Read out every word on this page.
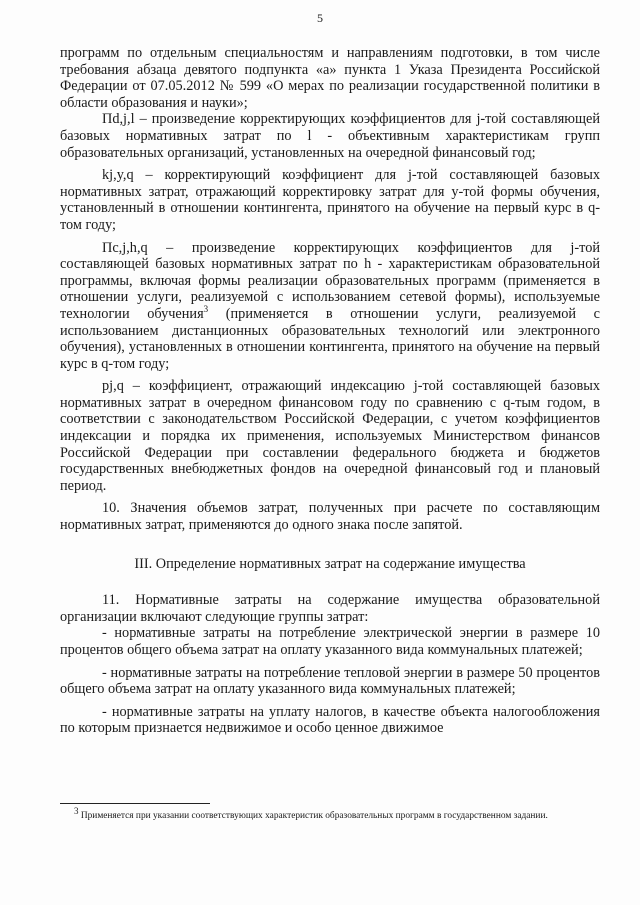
5

программ по отдельным специальностям и направлениям подготовки, в том числе требования абзаца девятого подпункта «а» пункта 1 Указа Президента Российской Федерации от 07.05.2012 № 599 «О мерах по реализации государственной политики в области образования и науки»;

Пd,j,l – произведение корректирующих коэффициентов для j-той составляющей базовых нормативных затрат по l - объективным характеристикам групп образовательных организаций, установленных на очередной финансовый год;

kj,y,q – корректирующий коэффициент для j-той составляющей базовых нормативных затрат, отражающий корректировку затрат для y-той формы обучения, установленный в отношении контингента, принятого на обучение на первый курс в q-том году;

Пс,j,h,q – произведение корректирующих коэффициентов для j-той составляющей базовых нормативных затрат по h - характеристикам образовательной программы, включая формы реализации образовательных программ (применяется в отношении услуги, реализуемой с использованием сетевой формы), используемые технологии обучения$^3$ (применяется в отношении услуги, реализуемой с использованием дистанционных образовательных технологий или электронного обучения), установленных в отношении контингента, принятого на обучение на первый курс в q-том году;

pj,q – коэффициент, отражающий индексацию j-той составляющей базовых нормативных затрат в очередном финансовом году по сравнению с q-тым годом, в соответствии с законодательством Российской Федерации, с учетом коэффициентов индексации и порядка их применения, используемых Министерством финансов Российской Федерации при составлении федерального бюджета и бюджетов государственных внебюджетных фондов на очередной финансовый год и плановый период.

10. Значения объемов затрат, полученных при расчете по составляющим нормативных затрат, применяются до одного знака после запятой.

III. Определение нормативных затрат на содержание имущества

11. Нормативные затраты на содержание имущества образовательной организации включают следующие группы затрат:

- нормативные затраты на потребление электрической энергии в размере 10 процентов общего объема затрат на оплату указанного вида коммунальных платежей;

- нормативные затраты на потребление тепловой энергии в размере 50 процентов общего объема затрат на оплату указанного вида коммунальных платежей;

- нормативные затраты на уплату налогов, в качестве объекта налогообложения по которым признается недвижимое и особо ценное движимое

$^3$ Применяется при указании соответствующих характеристик образовательных программ в государственном задании.
